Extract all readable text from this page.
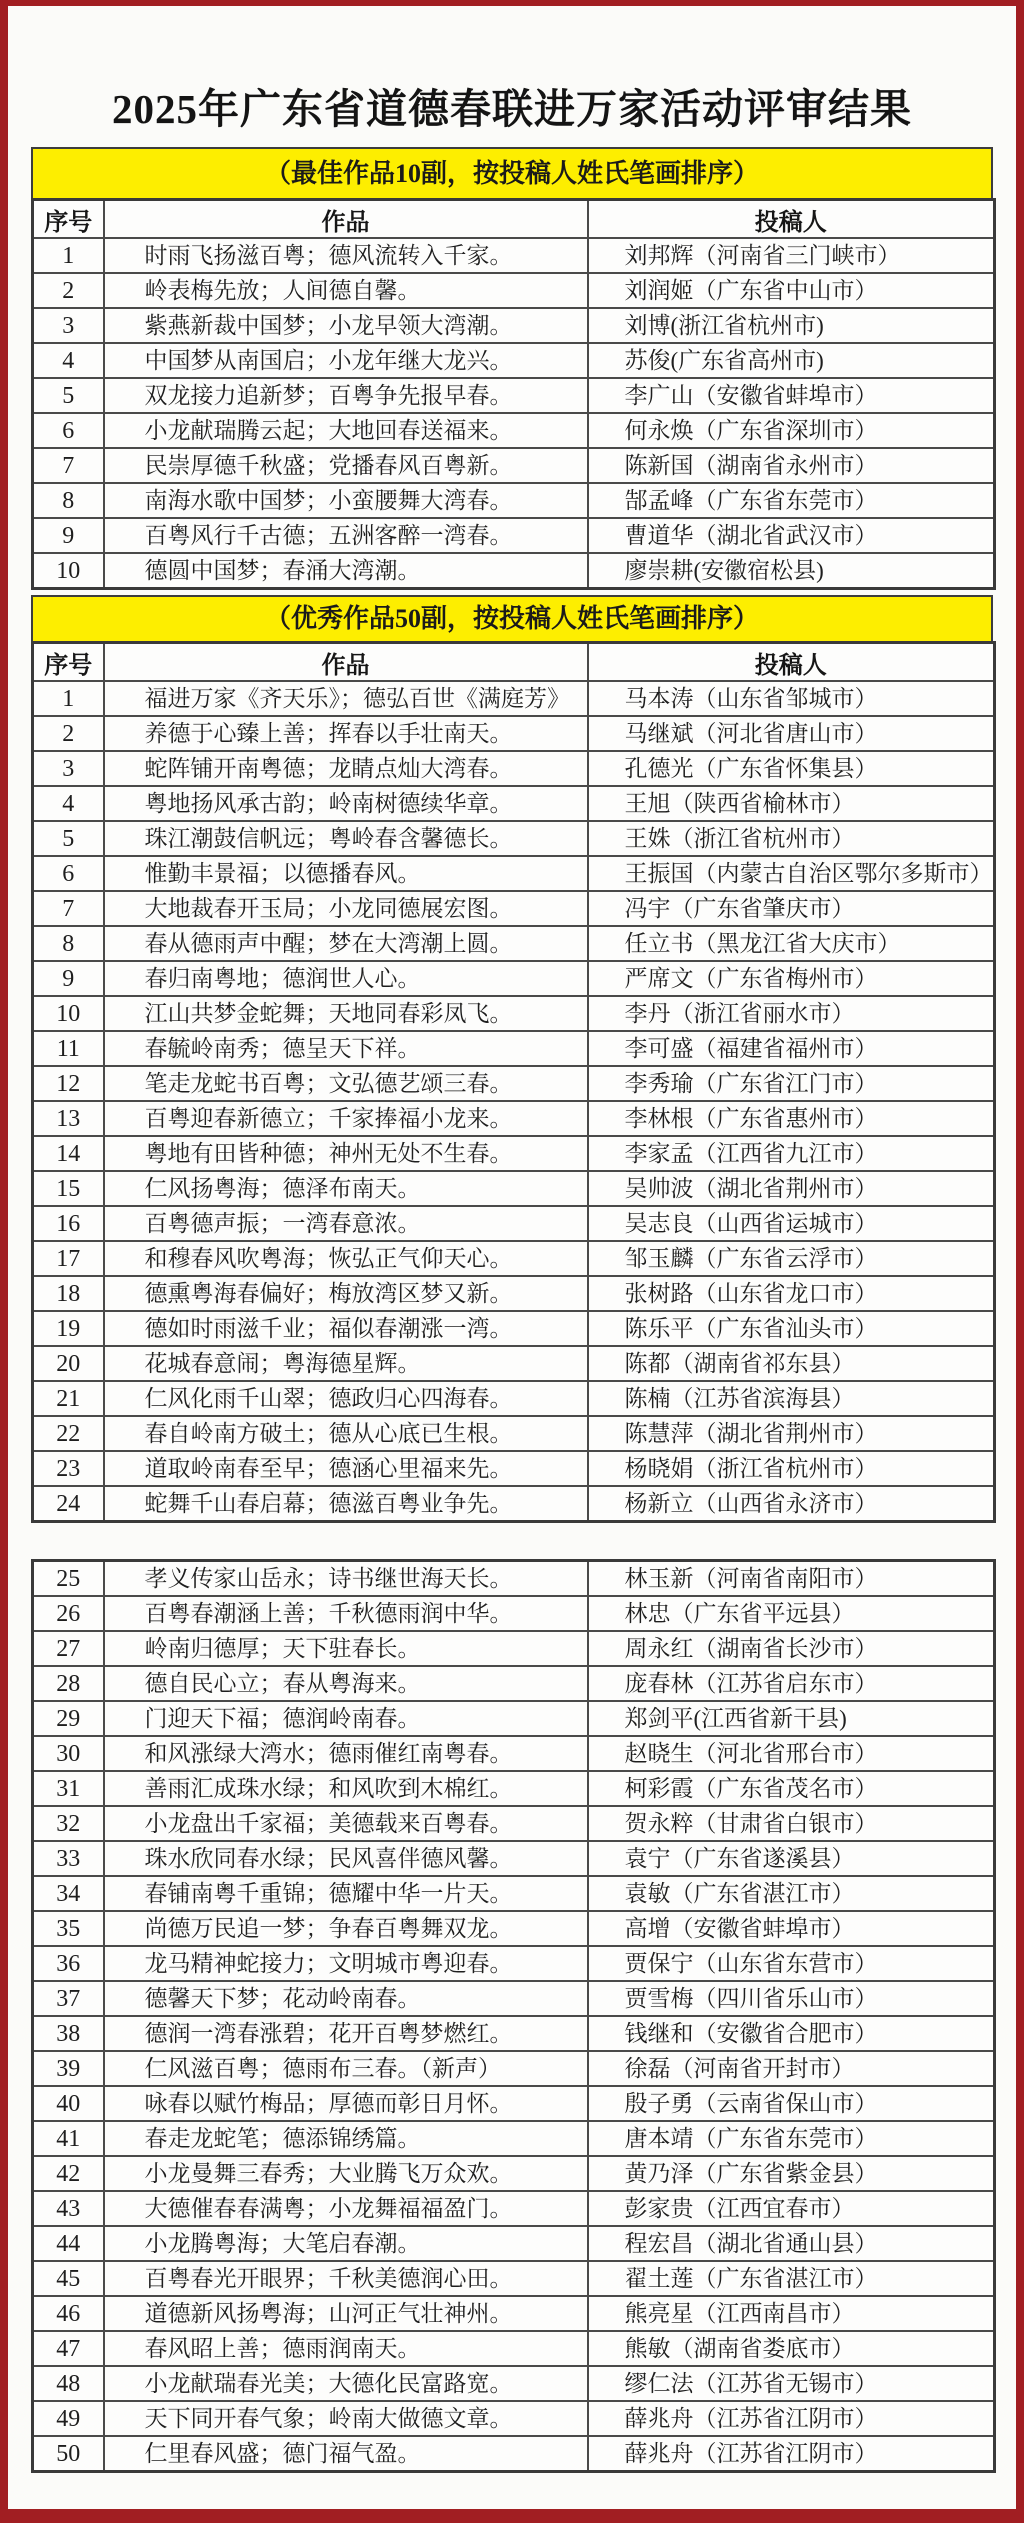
2025年广东省道德春联进万家活动评审结果
（最佳作品10副，按投稿人姓氏笔画排序）
序号	作品	投稿人
1	时雨飞扬滋百粤；德风流转入千家。	刘邦辉（河南省三门峡市）
2	岭表梅先放；人间德自馨。	刘润姬（广东省中山市）
3	紫燕新裁中国梦；小龙早领大湾潮。	刘博(浙江省杭州市)
4	中国梦从南国启；小龙年继大龙兴。	苏俊(广东省高州市)
5	双龙接力追新梦；百粤争先报早春。	李广山（安徽省蚌埠市）
6	小龙献瑞腾云起；大地回春送福来。	何永焕（广东省深圳市）
7	民崇厚德千秋盛；党播春风百粤新。	陈新国（湖南省永州市）
8	南海水歌中国梦；小蛮腰舞大湾春。	郜孟峰（广东省东莞市）
9	百粤风行千古德；五洲客醉一湾春。	曹道华（湖北省武汉市）
10	德圆中国梦；春涌大湾潮。	廖崇耕(安徽宿松县)
（优秀作品50副，按投稿人姓氏笔画排序）
序号	作品	投稿人
1	福进万家《齐天乐》；德弘百世《满庭芳》	马本涛（山东省邹城市）
2	养德于心臻上善；挥春以手壮南天。	马继斌（河北省唐山市）
3	蛇阵铺开南粤德；龙睛点灿大湾春。	孔德光（广东省怀集县）
4	粤地扬风承古韵；岭南树德续华章。	王旭（陕西省榆林市）
5	珠江潮鼓信帆远；粤岭春含馨德长。	王姝（浙江省杭州市）
6	惟勤丰景福；以德播春风。	王振国（内蒙古自治区鄂尔多斯市）
7	大地裁春开玉局；小龙同德展宏图。	冯宇（广东省肇庆市）
8	春从德雨声中醒；梦在大湾潮上圆。	任立书（黑龙江省大庆市）
9	春归南粤地；德润世人心。	严席文（广东省梅州市）
10	江山共梦金蛇舞；天地同春彩凤飞。	李丹（浙江省丽水市）
11	春毓岭南秀；德呈天下祥。	李可盛（福建省福州市）
12	笔走龙蛇书百粤；文弘德艺颂三春。	李秀瑜（广东省江门市）
13	百粤迎春新德立；千家捧福小龙来。	李林根（广东省惠州市）
14	粤地有田皆种德；神州无处不生春。	李家孟（江西省九江市）
15	仁风扬粤海；德泽布南天。	吴帅波（湖北省荆州市）
16	百粤德声振；一湾春意浓。	吴志良（山西省运城市）
17	和穆春风吹粤海；恢弘正气仰天心。	邹玉麟（广东省云浮市）
18	德熏粤海春偏好；梅放湾区梦又新。	张树路（山东省龙口市）
19	德如时雨滋千业；福似春潮涨一湾。	陈乐平（广东省汕头市）
20	花城春意闹；粤海德星辉。	陈都（湖南省祁东县）
21	仁风化雨千山翠；德政归心四海春。	陈楠（江苏省滨海县）
22	春自岭南方破土；德从心底已生根。	陈慧萍（湖北省荆州市）
23	道取岭南春至早；德涵心里福来先。	杨晓娟（浙江省杭州市）
24	蛇舞千山春启幕；德滋百粤业争先。	杨新立（山西省永济市）
25	孝义传家山岳永；诗书继世海天长。	林玉新（河南省南阳市）
26	百粤春潮涵上善；千秋德雨润中华。	林忠（广东省平远县）
27	岭南归德厚；天下驻春长。	周永红（湖南省长沙市）
28	德自民心立；春从粤海来。	庞春林（江苏省启东市）
29	门迎天下福；德润岭南春。	郑剑平(江西省新干县)
30	和风涨绿大湾水；德雨催红南粤春。	赵晓生（河北省邢台市）
31	善雨汇成珠水绿；和风吹到木棉红。	柯彩霞（广东省茂名市）
32	小龙盘出千家福；美德载来百粤春。	贺永粹（甘肃省白银市）
33	珠水欣同春水绿；民风喜伴德风馨。	袁宁（广东省遂溪县）
34	春铺南粤千重锦；德耀中华一片天。	袁敏（广东省湛江市）
35	尚德万民追一梦；争春百粤舞双龙。	高增（安徽省蚌埠市）
36	龙马精神蛇接力；文明城市粤迎春。	贾保宁（山东省东营市）
37	德馨天下梦；花动岭南春。	贾雪梅（四川省乐山市）
38	德润一湾春涨碧；花开百粤梦燃红。	钱继和（安徽省合肥市）
39	仁风滋百粤；德雨布三春。（新声）	徐磊（河南省开封市）
40	咏春以赋竹梅品；厚德而彰日月怀。	殷子勇（云南省保山市）
41	春走龙蛇笔；德添锦绣篇。	唐本靖（广东省东莞市）
42	小龙曼舞三春秀；大业腾飞万众欢。	黄乃泽（广东省紫金县）
43	大德催春春满粤；小龙舞福福盈门。	彭家贵（江西宜春市）
44	小龙腾粤海；大笔启春潮。	程宏昌（湖北省通山县）
45	百粤春光开眼界；千秋美德润心田。	翟土莲（广东省湛江市）
46	道德新风扬粤海；山河正气壮神州。	熊亮星（江西南昌市）
47	春风昭上善；德雨润南天。	熊敏（湖南省娄底市）
48	小龙献瑞春光美；大德化民富路宽。	缪仁法（江苏省无锡市）
49	天下同开春气象；岭南大做德文章。	薛兆舟（江苏省江阴市）
50	仁里春风盛；德门福气盈。	薛兆舟（江苏省江阴市）
